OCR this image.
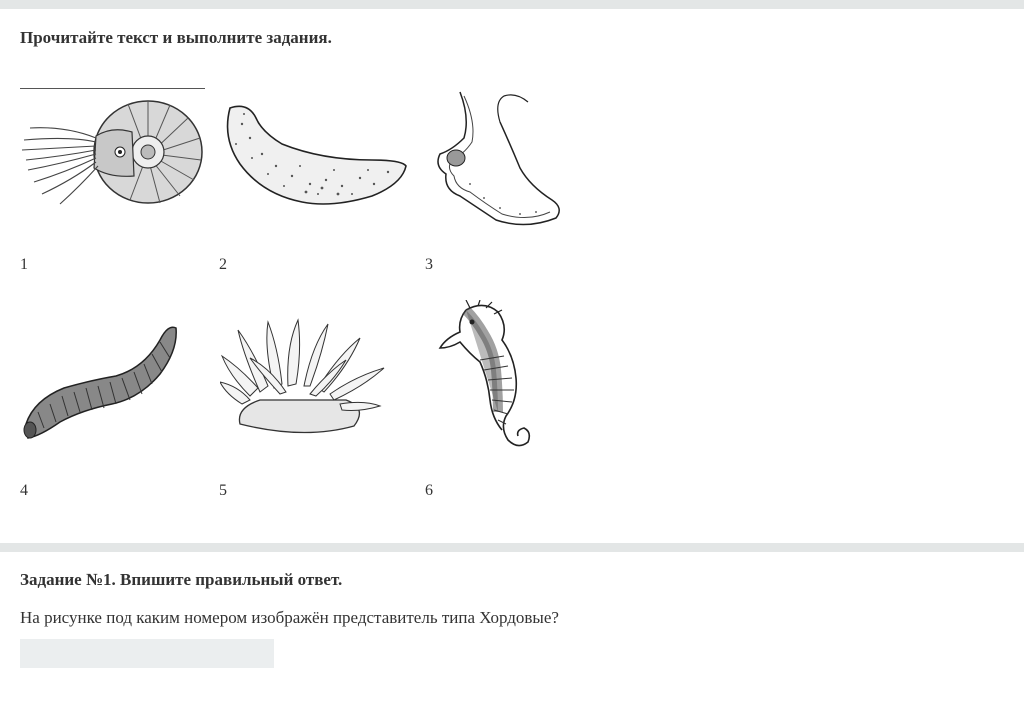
Прочитайте текст и выполните задания.
1	2	3
4	5	6
Задание №1. Впишите правильный ответ.
На рисунке под каким номером изображён представитель типа Хордовые?
